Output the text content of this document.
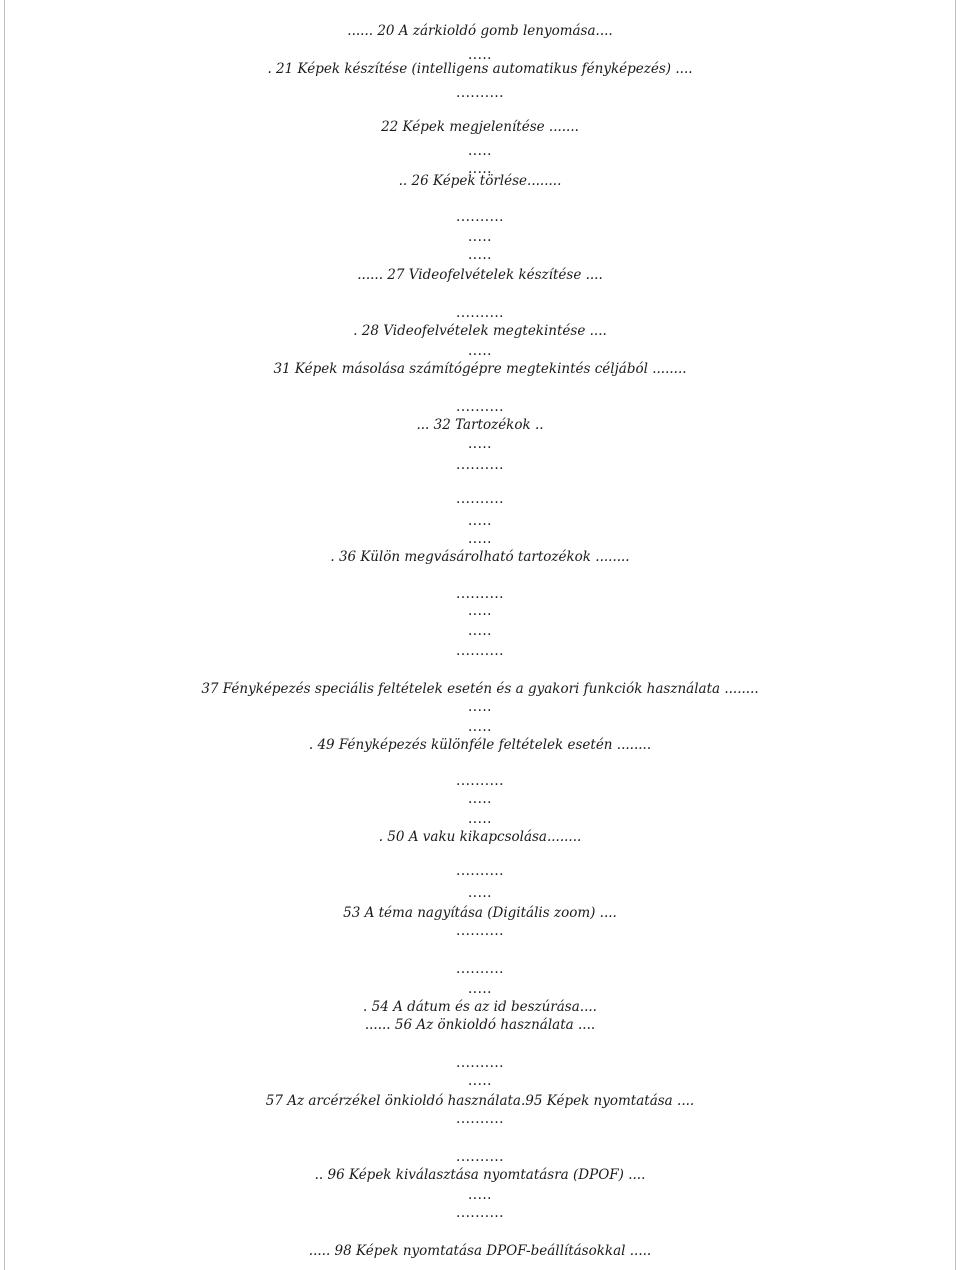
...... 20 A zárkioldó gomb lenyomása....
.....
. 21 Képek készítése (intelligens automatikus fényképezés) ....
..........
22 Képek megjelenítése .......
.....
.....
.. 26 Képek törlése........
..........
.....
.....
...... 27 Videofelvételek készítése ....
..........
. 28 Videofelvételek megtekintése ....
.....
31 Képek másolása számítógépre megtekintés céljából ........
..........
... 32 Tartozékok ..
.....
..........
..........
.....
.....
. 36 Külön megvásárolható tartozékok ........
..........
.....
.....
..........
37 Fényképezés speciális feltételek esetén és a gyakori funkciók használata ........
.....
.....
. 49 Fényképezés különféle feltételek esetén ........
..........
.....
.....
. 50 A vaku kikapcsolása........
..........
.....
53 A téma nagyítása (Digitális zoom) ....
..........
..........
.....
. 54 A dátum és az id beszúrása....
...... 56 Az önkioldó használata ....
..........
.....
57 Az arcérzékel önkioldó használata.95 Képek nyomtatása ....
..........
..........
.. 96 Képek kiválasztása nyomtatásra (DPOF) ....
.....
..........
..... 98 Képek nyomtatása DPOF-beállításokkal .....
